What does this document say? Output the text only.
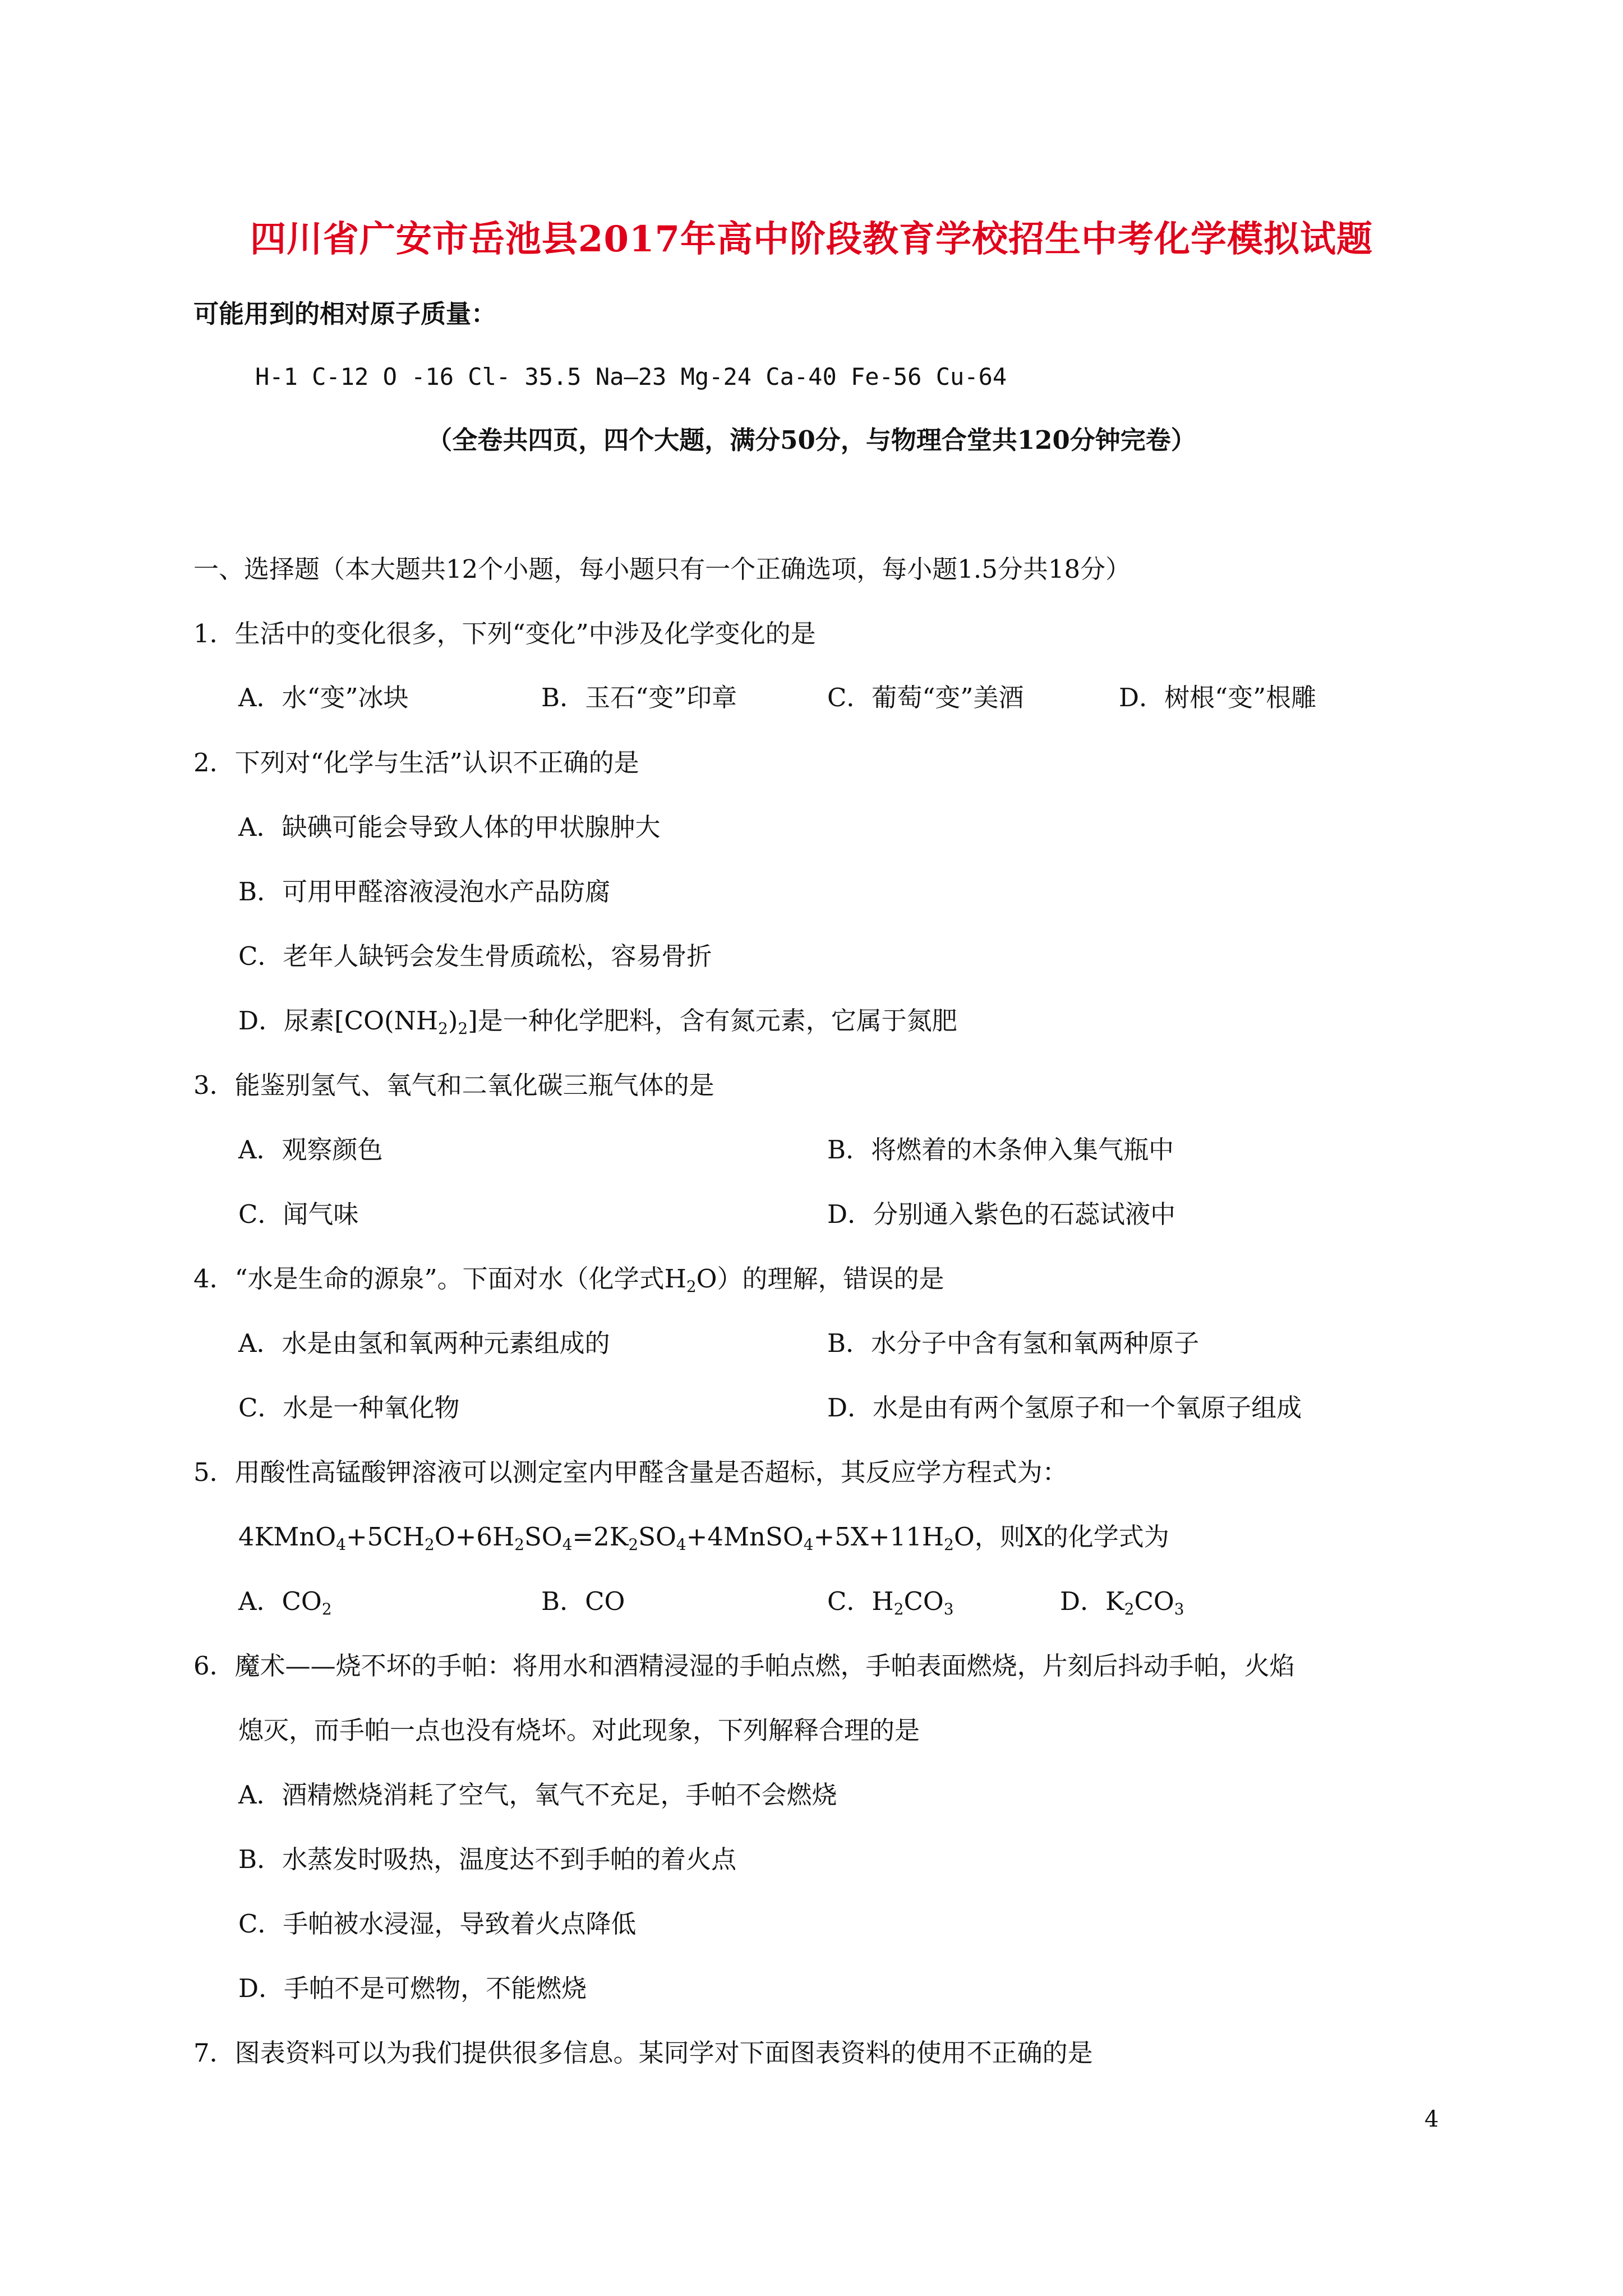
四川省广安市岳池县2017年高中阶段教育学校招生中考化学模拟试题
可能用到的相对原子质量：
H-1 C-12 O -16 Cl- 35.5 Na—23 Mg-24 Ca-40 Fe-56 Cu-64
（全卷共四页，四个大题，满分50分，与物理合堂共120分钟完卷）
一、选择题（本大题共12个小题，每小题只有一个正确选项，每小题1.5分共18分）
1．生活中的变化很多，下列“变化”中涉及化学变化的是
A．水“变”冰块	B．玉石“变”印章	C．葡萄“变”美酒	D．树根“变”根雕
2．下列对“化学与生活”认识不正确的是
A．缺碘可能会导致人体的甲状腺肿大
B．可用甲醛溶液浸泡水产品防腐
C．老年人缺钙会发生骨质疏松，容易骨折
D．尿素$[CO(NH_2)_2]$是一种化学肥料，含有氮元素，它属于氮肥
3．能鉴别氢气、氧气和二氧化碳三瓶气体的是
A．观察颜色	B．将燃着的木条伸入集气瓶中
C．闻气味	D．分别通入紫色的石蕊试液中
4．“水是生命的源泉”。下面对水（化学式$H_2O$）的理解，错误的是
A．水是由氢和氧两种元素组成的	B．水分子中含有氢和氧两种原子
C．水是一种氧化物	D．水是由有两个氢原子和一个氧原子组成
5．用酸性高锰酸钾溶液可以测定室内甲醛含量是否超标，其反应学方程式为：
$4KMnO_4+5CH_2O+6H_2SO_4=2K_2SO_4+4MnSO_4+5X+11H_2O$，则X的化学式为
A．$CO_2$	B．CO	C．$H_2CO_3$	D．$K_2CO_3$
6．魔术——烧不坏的手帕：将用水和酒精浸湿的手帕点燃，手帕表面燃烧，片刻后抖动手帕，火焰
熄灭，而手帕一点也没有烧坏。对此现象，下列解释合理的是
A．酒精燃烧消耗了空气，氧气不充足，手帕不会燃烧
B．水蒸发时吸热，温度达不到手帕的着火点
C．手帕被水浸湿，导致着火点降低
D．手帕不是可燃物，不能燃烧
7．图表资料可以为我们提供很多信息。某同学对下面图表资料的使用不正确的是
4
